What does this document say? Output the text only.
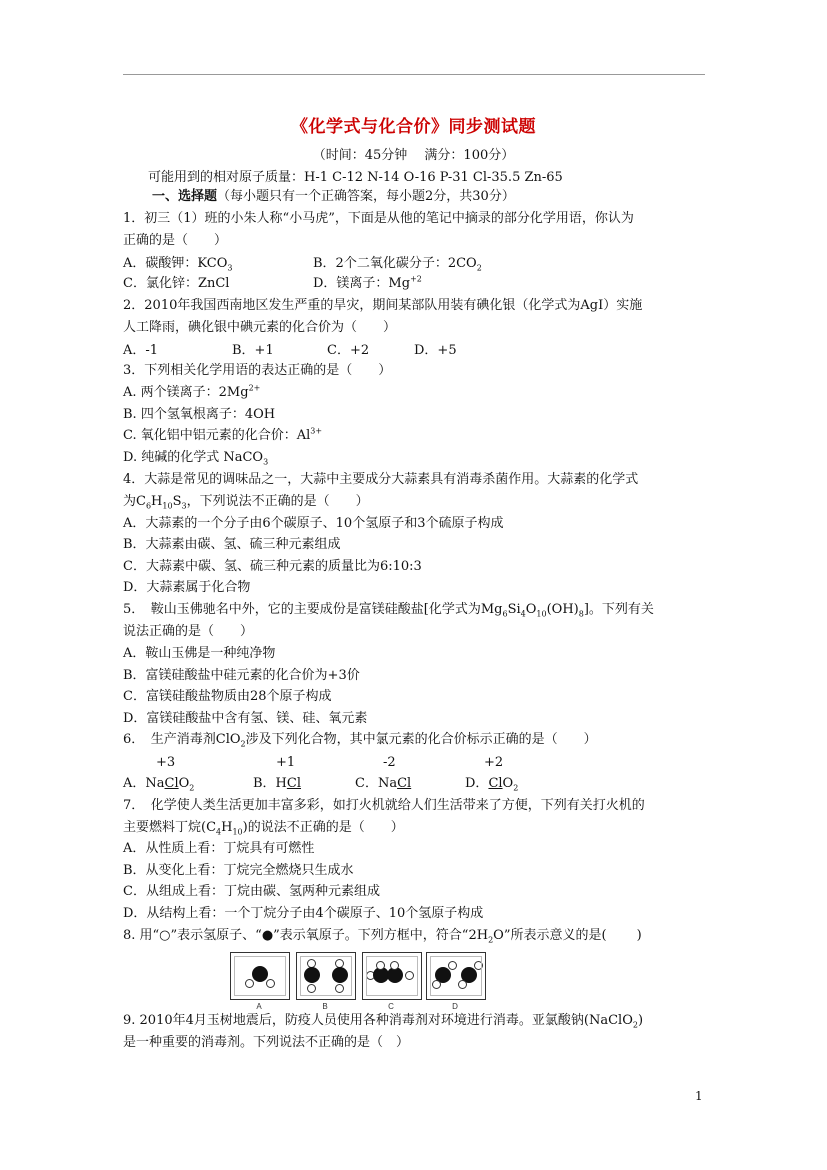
《化学式与化合价》同步测试题
（时间：45分钟　 满分：100分）
可能用到的相对原子质量：H-1 C-12 N-14 O-16 P-31 Cl-35.5 Zn-65
一、选择题（每小题只有一个正确答案，每小题2分，共30分）
1．初三（1）班的小朱人称“小马虎”，下面是从他的笔记中摘录的部分化学用语，你认为
正确的是（　　）
A．碳酸钾：$KCO_3$	B．2个二氧化碳分子：$2CO_2$
C．氯化锌：ZnCl	D．镁离子：$Mg^{+2}$
2．2010年我国西南地区发生严重的旱灾，期间某部队用装有碘化银（化学式为AgI）实施
人工降雨，碘化银中碘元素的化合价为（　　）
A．-1	B．+1	C．+2	D．+5
3．下列相关化学用语的表达正确的是（　　）
A. 两个镁离子：$2Mg^{2+}$
B. 四个氢氧根离子：4OH
C. 氧化铝中铝元素的化合价：$Al^{3+}$
D. 纯碱的化学式 NaCO$_3$
4．大蒜是常见的调味品之一，大蒜中主要成分大蒜素具有消毒杀菌作用。大蒜素的化学式
为$C_6H_{10}S_3$，下列说法不正确的是（　　）
A．大蒜素的一个分子由6个碳原子、10个氢原子和3个硫原子构成
B．大蒜素由碳、氢、硫三种元素组成
C．大蒜素中碳、氢、硫三种元素的质量比为6:10:3
D．大蒜素属于化合物
5．　鞍山玉佛驰名中外，它的主要成份是富镁硅酸盐[化学式为$Mg_6Si_4O_{10}(OH)_8$]。下列有关
说法正确的是（　　）
A．鞍山玉佛是一种纯净物
B．富镁硅酸盐中硅元素的化合价为+3价
C．富镁硅酸盐物质由28个原子构成
D．富镁硅酸盐中含有氢、镁、硅、氧元素
6．　生产消毒剂ClO$_2$涉及下列化合物，其中氯元素的化合价标示正确的是（　　）
+3	+1	-2	+2
A．NaClO$_2$	B．HCl	C．NaCl	D．ClO$_2$
7．　化学使人类生活更加丰富多彩，如打火机就给人们生活带来了方便，下列有关打火机的
主要燃料丁烷$(C_4H_{10})$的说法不正确的是（　　）
A．从性质上看：丁烷具有可燃性
B．从变化上看：丁烷完全燃烧只生成水
C．从组成上看：丁烷由碳、氢两种元素组成
D．从结构上看：一个丁烷分子由4个碳原子、10个氢原子构成
8. 用“○”表示氢原子、“●”表示氧原子。下列方框中，符合“$2H_2O$”所表示意义的是(　　 )
A	B	C	D
9. 2010年4月玉树地震后，防疫人员使用各种消毒剂对环境进行消毒。亚氯酸钠(NaClO$_2$)
是一种重要的消毒剂。下列说法不正确的是（　）
1
